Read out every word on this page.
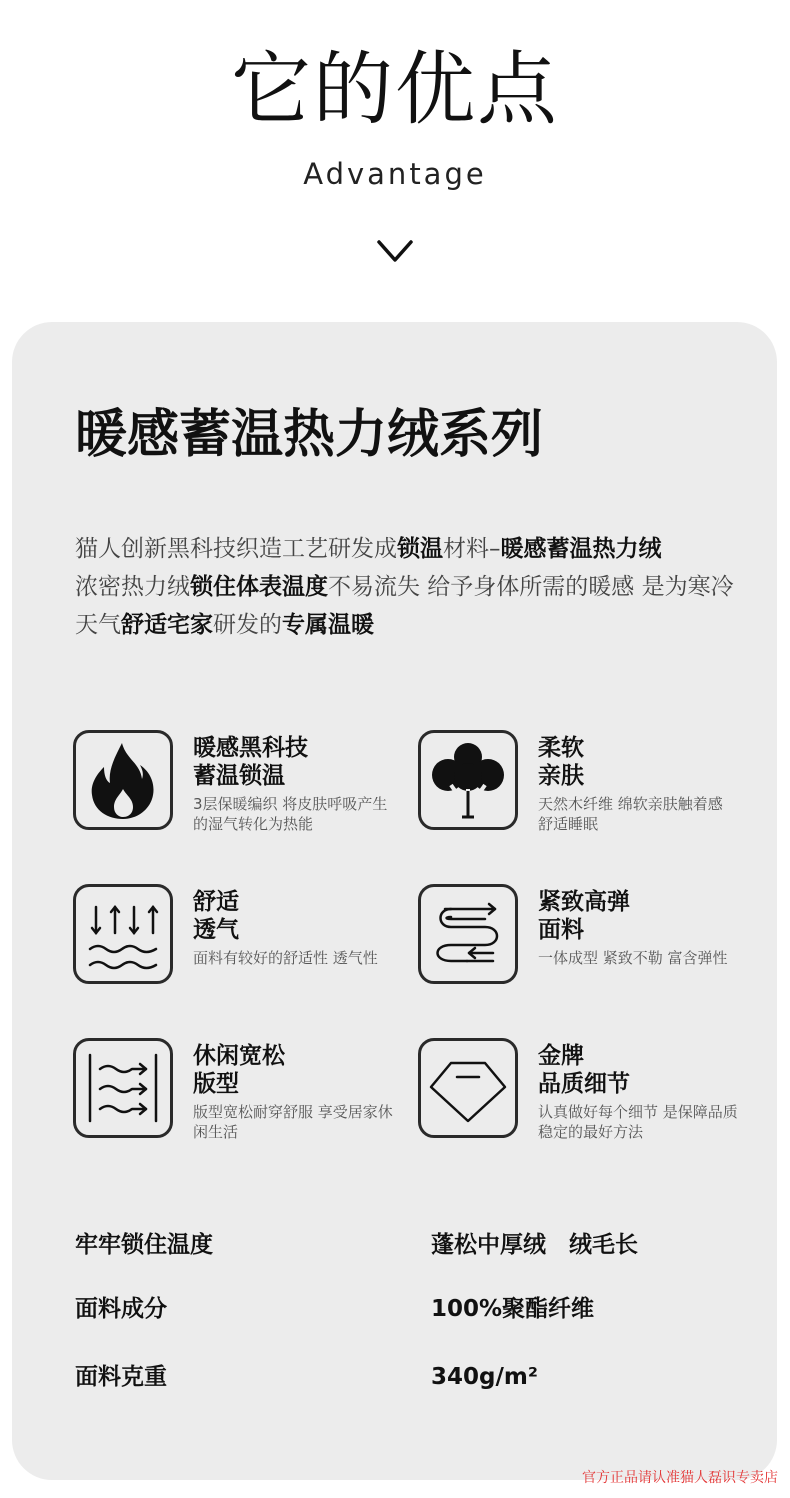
它的优点
Advantage
暖感蓄温热力绒系列
猫人创新黑科技织造工艺研发成锁温材料–暖感蓄温热力绒
浓密热力绒锁住体表温度不易流失 给予身体所需的暖感 是为寒冷天气舒适宅家研发的专属温暖
暖感黑科技
蓄温锁温
3层保暖编织 将皮肤呼吸产生的湿气转化为热能
柔软
亲肤
天然木纤维 绵软亲肤触着感　舒适睡眠
舒适
透气
面料有较好的舒适性 透气性
紧致高弹
面料
一体成型 紧致不勒 富含弹性
休闲宽松
版型
版型宽松耐穿舒服 享受居家休闲生活
金牌
品质细节
认真做好每个细节 是保障品质稳定的最好方法
牢牢锁住温度	蓬松中厚绒　绒毛长
面料成分	100%聚酯纤维
面料克重	340g/m²
官方正品请认准猫人磊识专卖店
